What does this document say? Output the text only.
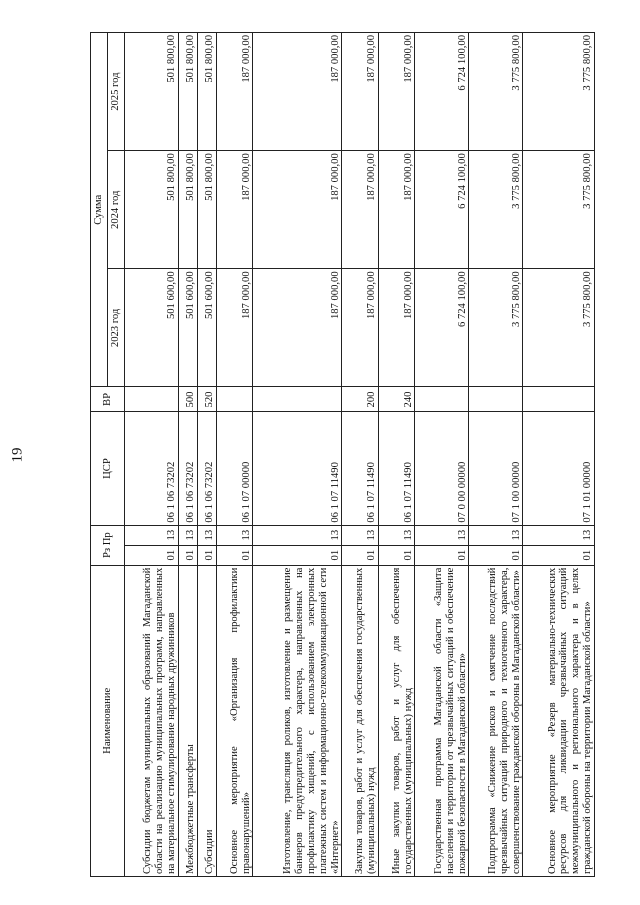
19
Наименование	Рз Пр		ЦСР	ВР	Сумма		
					2023 год	2024 год	2025 год
Субсидии бюджетам муниципальных образований Магаданской области на реализацию муниципальных программ, направленных на материальное стимулирование народных дружинников	01	13	06 1 06 73202		501 600,00	501 800,00	501 800,00
Межбюджетные трансферты	01	13	06 1 06 73202	500	501 600,00	501 800,00	501 800,00
Субсидии	01	13	06 1 06 73202	520	501 600,00	501 800,00	501 800,00
Основное мероприятие «Организация профилактики правонарушений»	01	13	06 1 07 00000		187 000,00	187 000,00	187 000,00
Изготовление, трансляция роликов, изготовление и размещение баннеров предупредительного характера, направленных на профилактику хищений, с использованием электронных платежных систем и информационно-телекоммуникационной сети «Интернет»	01	13	06 1 07 11490		187 000,00	187 000,00	187 000,00
Закупка товаров, работ и услуг для обеспечения государственных (муниципальных) нужд	01	13	06 1 07 11490	200	187 000,00	187 000,00	187 000,00
Иные закупки товаров, работ и услуг для обеспечения государственных (муниципальных) нужд	01	13	06 1 07 11490	240	187 000,00	187 000,00	187 000,00
Государственная программа Магаданской области «Защита населения и территории от чрезвычайных ситуаций и обеспечение пожарной безопасности в Магаданской области»	01	13	07 0 00 00000		6 724 100,00	6 724 100,00	6 724 100,00
Подпрограмма «Снижение рисков и смягчение последствий чрезвычайных ситуаций природного и техногенного характера, совершенствование гражданской обороны в Магаданской области»	01	13	07 1 00 00000		3 775 800,00	3 775 800,00	3 775 800,00
Основное мероприятие «Резерв материально-технических ресурсов для ликвидации чрезвычайных ситуаций межмуниципального и регионального характера и в целях гражданской обороны на территории Магаданской области»	01	13	07 1 01 00000		3 775 800,00	3 775 800,00	3 775 800,00
